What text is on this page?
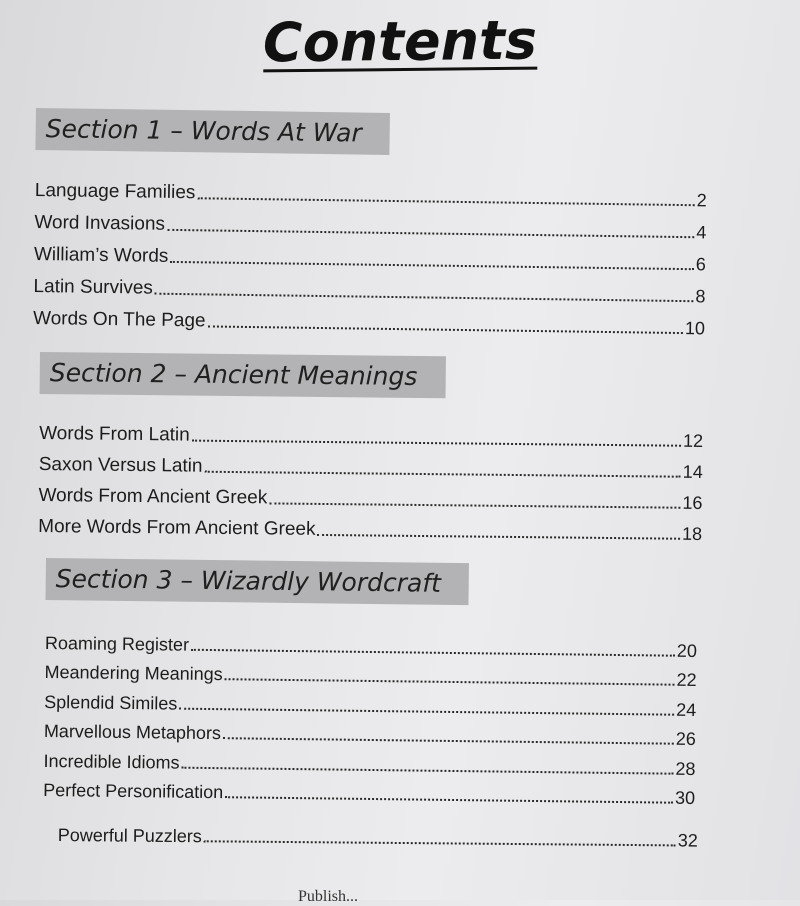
Contents
Section 1 – Words At War
Language Families	2
Word Invasions	4
William’s Words	6
Latin Survives	8
Words On The Page	10
Section 2 – Ancient Meanings
Words From Latin	12
Saxon Versus Latin	14
Words From Ancient Greek	16
More Words From Ancient Greek	18
Section 3 – Wizardly Wordcraft
Roaming Register	20
Meandering Meanings	22
Splendid Similes	24
Marvellous Metaphors	26
Incredible Idioms	28
Perfect Personification	30
Powerful Puzzlers	32
Publish...
